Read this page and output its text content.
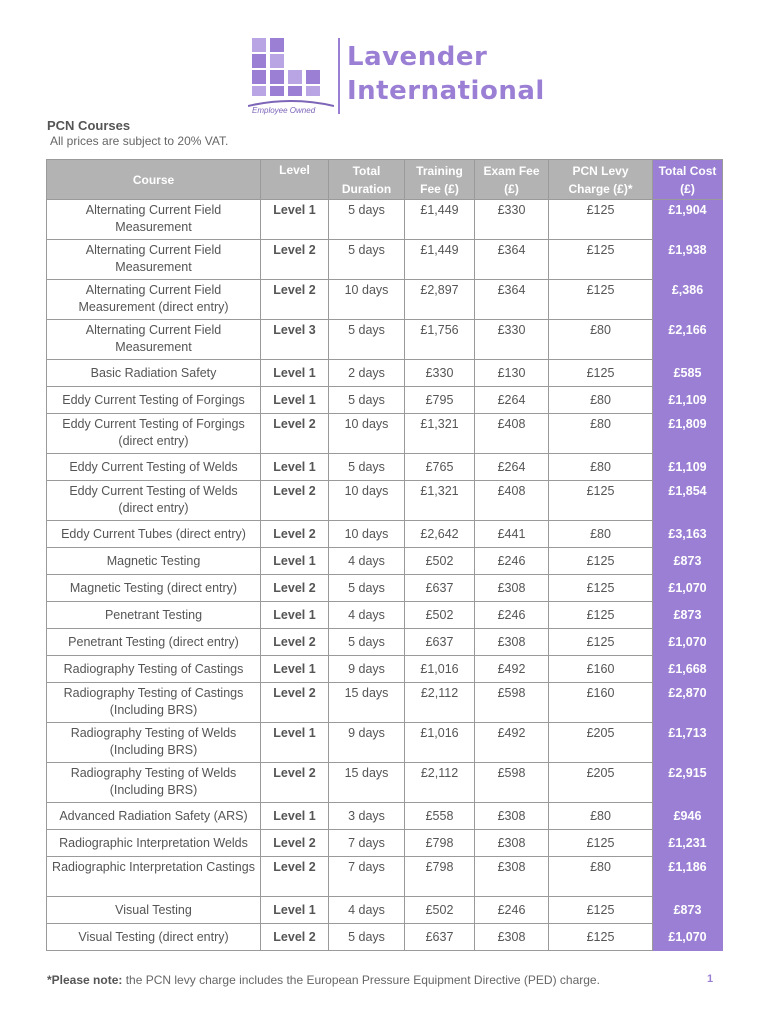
Employee Owned
Lavender
International
PCN Courses
All prices are subject to 20% VAT.
Course	Level	Total Duration	Training Fee (£)	Exam Fee (£)	PCN Levy Charge (£)*	Total Cost (£)
Alternating Current Field Measurement	Level 1	5 days	£1,449	£330	£125	£1,904
Alternating Current Field Measurement	Level 2	5 days	£1,449	£364	£125	£1,938
Alternating Current Field Measurement (direct entry)	Level 2	10 days	£2,897	£364	£125	£,386
Alternating Current Field Measurement	Level 3	5 days	£1,756	£330	£80	£2,166
Basic Radiation Safety	Level 1	2 days	£330	£130	£125	£585
Eddy Current Testing of Forgings	Level 1	5 days	£795	£264	£80	£1,109
Eddy Current Testing of Forgings (direct entry)	Level 2	10 days	£1,321	£408	£80	£1,809
Eddy Current Testing of Welds	Level 1	5 days	£765	£264	£80	£1,109
Eddy Current Testing of Welds (direct entry)	Level 2	10 days	£1,321	£408	£125	£1,854
Eddy Current Tubes (direct entry)	Level 2	10 days	£2,642	£441	£80	£3,163
Magnetic Testing	Level 1	4 days	£502	£246	£125	£873
Magnetic Testing (direct entry)	Level 2	5 days	£637	£308	£125	£1,070
Penetrant Testing	Level 1	4 days	£502	£246	£125	£873
Penetrant Testing (direct entry)	Level 2	5 days	£637	£308	£125	£1,070
Radiography Testing of Castings	Level 1	9 days	£1,016	£492	£160	£1,668
Radiography Testing of Castings (Including BRS)	Level 2	15 days	£2,112	£598	£160	£2,870
Radiography Testing of Welds (Including BRS)	Level 1	9 days	£1,016	£492	£205	£1,713
Radiography Testing of Welds (Including BRS)	Level 2	15 days	£2,112	£598	£205	£2,915
Advanced Radiation Safety (ARS)	Level 1	3 days	£558	£308	£80	£946
Radiographic Interpretation Welds	Level 2	7 days	£798	£308	£125	£1,231
Radiographic Interpretation Castings	Level 2	7 days	£798	£308	£80	£1,186
Visual Testing	Level 1	4 days	£502	£246	£125	£873
Visual Testing (direct entry)	Level 2	5 days	£637	£308	£125	£1,070
*Please note: the PCN levy charge includes the European Pressure Equipment Directive (PED) charge.	1
